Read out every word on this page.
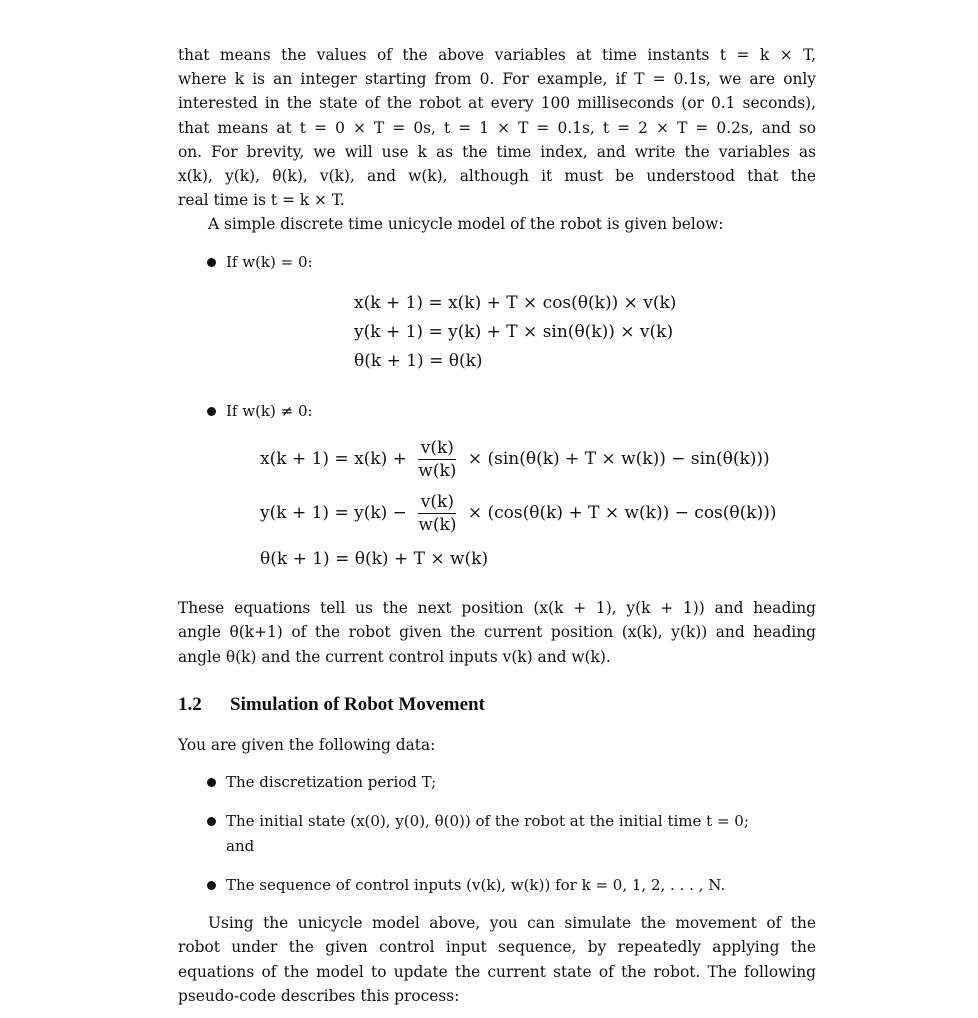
that means the values of the above variables at time instants t = k × T,
where k is an integer starting from 0. For example, if T = 0.1s, we are only
interested in the state of the robot at every 100 milliseconds (or 0.1 seconds),
that means at t = 0 × T = 0s, t = 1 × T = 0.1s, t = 2 × T = 0.2s, and so
on. For brevity, we will use k as the time index, and write the variables as
x(k), y(k), θ(k), v(k), and w(k), although it must be understood that the
real time is t = k × T.
A simple discrete time unicycle model of the robot is given below:
If w(k) = 0:
x(k + 1) = x(k) + T × cos(θ(k)) × v(k)
y(k + 1) = y(k) + T × sin(θ(k)) × v(k)
θ(k + 1) = θ(k)
If w(k) ≠ 0:
$x(k + 1) = x(k) + \frac{v(k)}{w(k)} \times (\sin(\theta(k) + T \times w(k)) - \sin(\theta(k)))$
$y(k + 1) = y(k) - \frac{v(k)}{w(k)} \times (\cos(\theta(k) + T \times w(k)) - \cos(\theta(k)))$
θ(k + 1) = θ(k) + T × w(k)
These equations tell us the next position (x(k + 1), y(k + 1)) and heading
angle θ(k+1) of the robot given the current position (x(k), y(k)) and heading
angle θ(k) and the current control inputs v(k) and w(k).
1.2 Simulation of Robot Movement
You are given the following data:
The discretization period T;
The initial state (x(0), y(0), θ(0)) of the robot at the initial time t = 0;
and
The sequence of control inputs (v(k), w(k)) for k = 0, 1, 2, . . . , N.
Using the unicycle model above, you can simulate the movement of the
robot under the given control input sequence, by repeatedly applying the
equations of the model to update the current state of the robot. The following
pseudo-code describes this process:
